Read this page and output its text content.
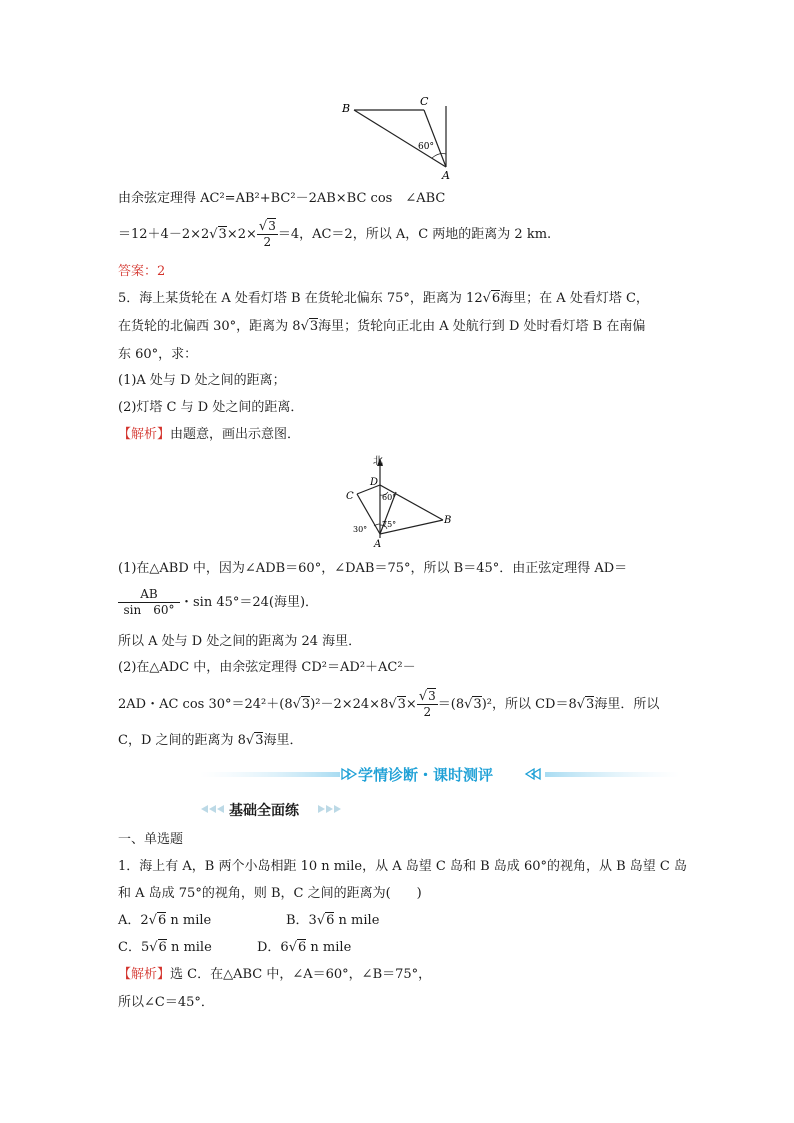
B
C
A
60°
由余弦定理得 AC²=AB²+BC²－2AB×BC cos　∠ABC
$=12+4-2\times 2√3\times 2\times \frac{√3}{2} =4$，AC＝2，所以 A，C 两地的距离为 2 km.
答案：2
5．海上某货轮在 A 处看灯塔 B 在货轮北偏东 75°，距离为 12√6海里；在 A 处看灯塔 C，
在货轮的北偏西 30°，距离为 8√3海里；货轮向正北由 A 处航行到 D 处时看灯塔 B 在南偏
东 60°，求：
(1)A 处与 D 处之间的距离；
(2)灯塔 C 与 D 处之间的距离．
【解析】由题意，画出示意图．
北
D
C
B
A
60°
75°
30°
(1)在△ABD 中，因为∠ADB＝60°，∠DAB＝75°，所以 B＝45°．由正弦定理得 AD＝
$\frac{AB}{\sin 60^\circ}$ ・sin 45°＝24(海里)．
所以 A 处与 D 处之间的距离为 24 海里．
(2)在△ADC 中，由余弦定理得 CD²＝AD²＋AC²－
2AD・AC $\cos 30^\circ=24^2+(8√3)^2-2\times 24\times 8√3\times \frac{√3}{2} =(8√3)^2$，所以 CD＝8√3海里．所以
C，D 之间的距离为 8√3海里．
学情诊断・课时测评
基础全面练
一、单选题
1．海上有 A，B 两个小岛相距 10 n mile，从 A 岛望 C 岛和 B 岛成 60°的视角，从 B 岛望 C 岛
和 A 岛成 75°的视角，则 B，C 之间的距离为(　　)
A．2√6 n mile	B．3√6 n mile
C．5√6 n mile	D．6√6 n mile
【解析】选 C．在△ABC 中，∠A＝60°，∠B＝75°，
所以∠C＝45°．
